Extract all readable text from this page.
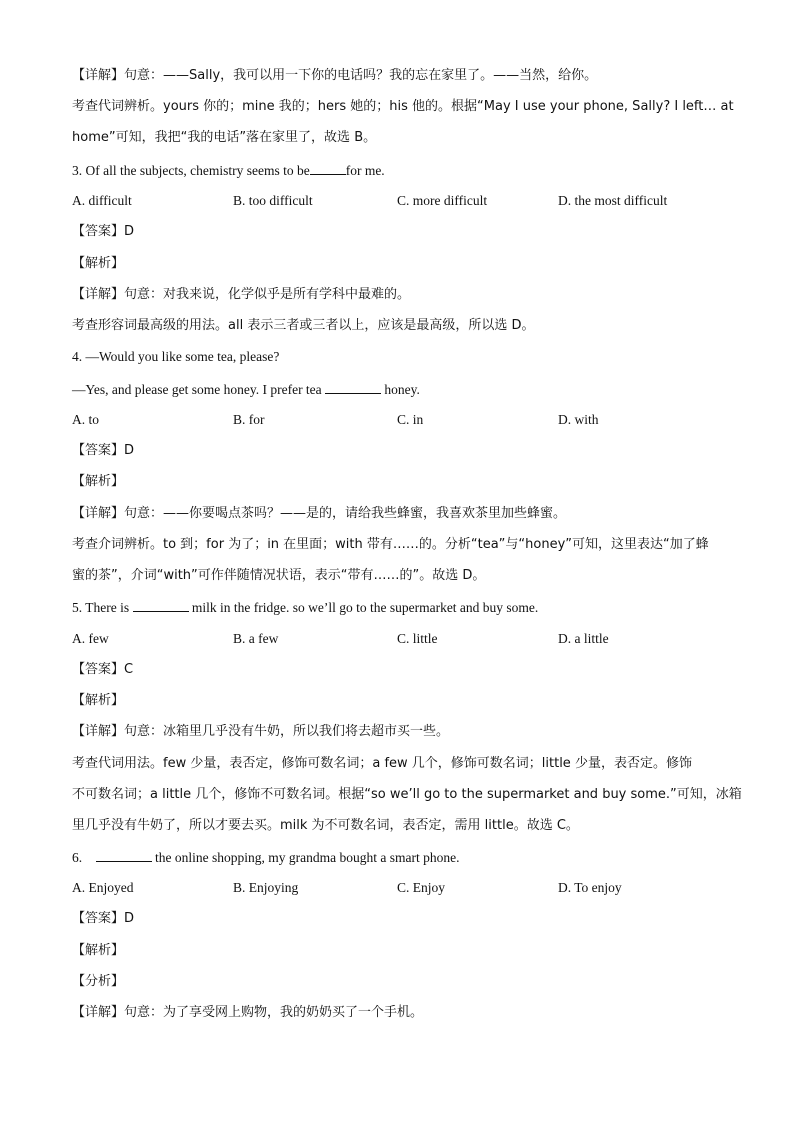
【详解】句意：——Sally，我可以用一下你的电话吗？我的忘在家里了。——当然，给你。
考查代词辨析。yours 你的；mine 我的；hers 她的；his 他的。根据“May I use your phone, Sally? I left… at
home”可知，我把“我的电话”落在家里了，故选 B。
3. Of all the subjects, chemistry seems to be	for me.
A. difficult	B. too difficult	C. more difficult	D. the most difficult
【答案】D
【解析】
【详解】句意：对我来说，化学似乎是所有学科中最难的。
考查形容词最高级的用法。all 表示三者或三者以上，应该是最高级，所以选 D。
4. —Would you like some tea, please?
—Yes, and please get some honey. I prefer tea	honey.
A. to	B. for	C. in	D. with
【答案】D
【解析】
【详解】句意：——你要喝点茶吗？——是的，请给我些蜂蜜，我喜欢茶里加些蜂蜜。
考查介词辨析。to 到；for 为了；in 在里面；with 带有……的。分析“tea”与“honey”可知，这里表达“加了蜂
蜜的茶”，介词“with”可作伴随情况状语，表示“带有……的”。故选 D。
5. There is	milk in the fridge. so we’ll go to the supermarket and buy some.
A. few	B. a few	C. little	D. a little
【答案】C
【解析】
【详解】句意：冰箱里几乎没有牛奶，所以我们将去超市买一些。
考查代词用法。few 少量，表否定，修饰可数名词；a few 几个，修饰可数名词；little 少量，表否定。修饰
不可数名词；a little 几个，修饰不可数名词。根据“so we’ll go to the supermarket and buy some.”可知，冰箱
里几乎没有牛奶了，所以才要去买。milk 为不可数名词，表否定，需用 little。故选 C。
6.	the online shopping, my grandma bought a smart phone.
A. Enjoyed	B. Enjoying	C. Enjoy	D. To enjoy
【答案】D
【解析】
【分析】
【详解】句意：为了享受网上购物，我的奶奶买了一个手机。
